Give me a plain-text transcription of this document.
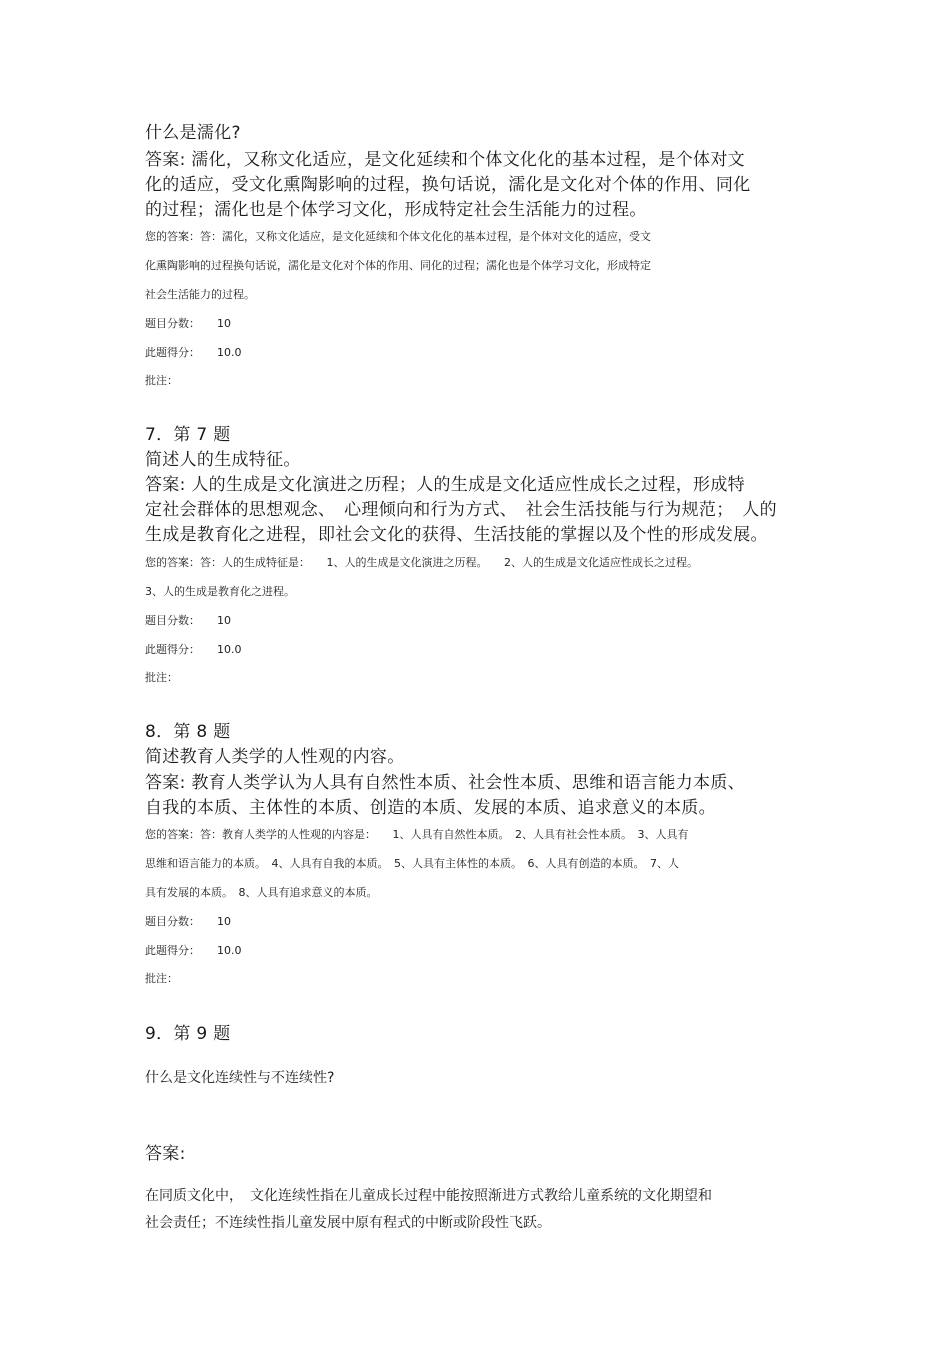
什么是濡化?
答案: 濡化，又称文化适应，是文化延续和个体文化化的基本过程，是个体对文
化的适应，受文化熏陶影响的过程，换句话说，濡化是文化对个体的作用、同化
的过程；濡化也是个体学习文化，形成特定社会生活能力的过程。
您的答案：答：濡化，又称文化适应，是文化延续和个体文化化的基本过程，是个体对文化的适应，受文
化熏陶影响的过程换句话说，濡化是文化对个体的作用、同化的过程；濡化也是个体学习文化，形成特定
社会生活能力的过程。
题目分数： 10
此题得分： 10.0
批注：
7．第 7 题
简述人的生成特征。
答案: 人的生成是文化演进之历程；人的生成是文化适应性成长之过程，形成特
定社会群体的思想观念、　心理倾向和行为方式、　社会生活技能与行为规范；　人的
生成是教育化之进程，即社会文化的获得、生活技能的掌握以及个性的形成发展。
您的答案：答：人的生成特征是：　　1、人的生成是文化演进之历程。　　2、人的生成是文化适应性成长之过程。
3、人的生成是教育化之进程。
题目分数： 10
此题得分： 10.0
批注：
8．第 8 题
简述教育人类学的人性观的内容。
答案: 教育人类学认为人具有自然性本质、社会性本质、思维和语言能力本质、
自我的本质、主体性的本质、创造的本质、发展的本质、追求意义的本质。
您的答案：答：教育人类学的人性观的内容是：　　1、人具有自然性本质。　2、人具有社会性本质。　3、人具有
思维和语言能力的本质。　4、人具有自我的本质。　5、人具有主体性的本质。　6、人具有创造的本质。　7、人
具有发展的本质。　8、人具有追求意义的本质。
题目分数： 10
此题得分： 10.0
批注：
9．第 9 题
什么是文化连续性与不连续性?
答案:
在同质文化中，　文化连续性指在儿童成长过程中能按照渐进方式教给儿童系统的文化期望和
社会责任；不连续性指儿童发展中原有程式的中断或阶段性飞跃。
